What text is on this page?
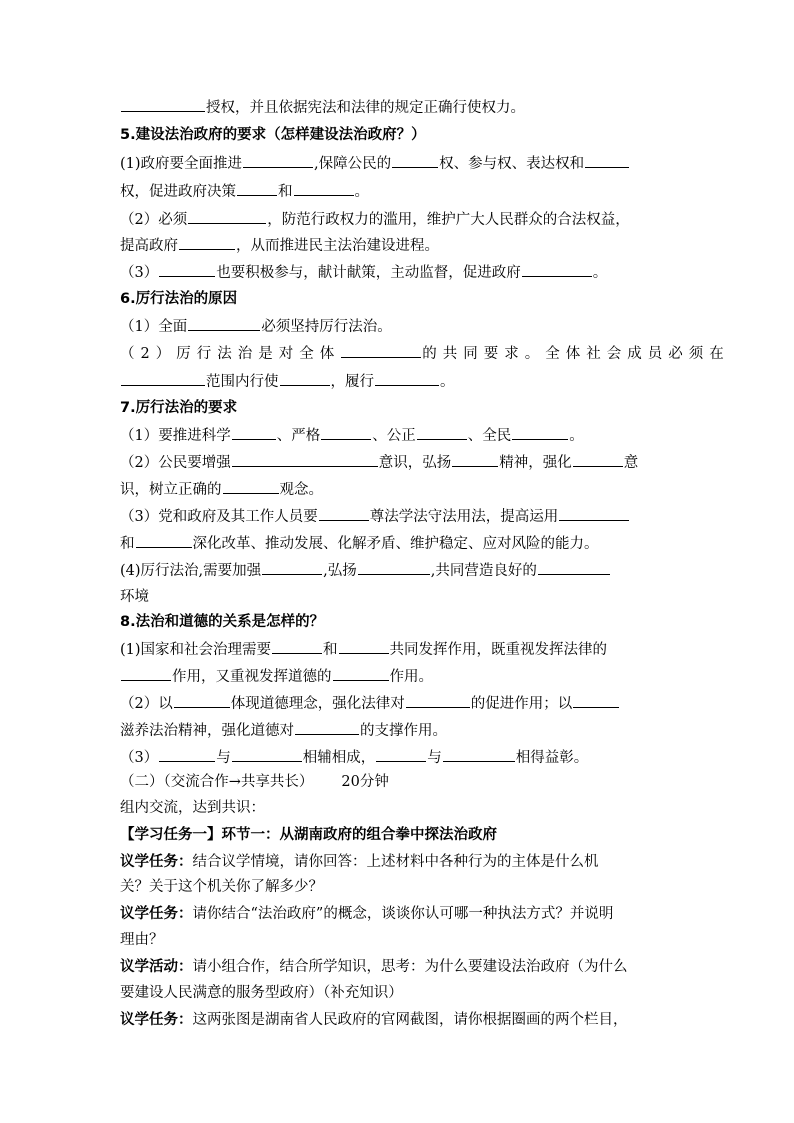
授权，并且依据宪法和法律的规定正确行使权力。
5.建设法治政府的要求（怎样建设法治政府？）
(1)政府要全面推进	,保障公民的	权、参与权、表达权和
权，促进政府决策	和	。
（2）必须	，防范行政权力的滥用，维护广大人民群众的合法权益，
提高政府	，从而推进民主法治建设进程。
（3）	也要积极参与，献计献策，主动监督，促进政府	。
6.厉行法治的原因
（1）全面	必须坚持厉行法治。
（2）厉行法治是对全体	的共同要求。全体社会成员必须在
范围内行使	，履行	。
7.厉行法治的要求
（1）要推进科学	、严格	、公正	、全民	。
（2）公民要增强	意识，弘扬	精神，强化	意
识，树立正确的	观念。
（3）党和政府及其工作人员要	尊法学法守法用法，提高运用
和	深化改革、推动发展、化解矛盾、维护稳定、应对风险的能力。
(4)厉行法治,需要加强	,弘扬	,共同营造良好的
环境
8.法治和道德的关系是怎样的？
(1)国家和社会治理需要	和	共同发挥作用，既重视发挥法律的
作用，又重视发挥道德的	作用。
（2）以	体现道德理念，强化法律对	的促进作用；以
滋养法治精神，强化道德对	的支撑作用。
（3）	与	相辅相成，	与	相得益彰。
（二）（交流合作→共享共长） 20分钟
组内交流，达到共识：
【学习任务一】环节一：从湖南政府的组合拳中探法治政府
议学任务：结合议学情境，请你回答：上述材料中各种行为的主体是什么机
关？关于这个机关你了解多少？
议学任务：请你结合“法治政府”的概念，谈谈你认可哪一种执法方式？并说明
理由？
议学活动：请小组合作，结合所学知识，思考：为什么要建设法治政府（为什么
要建设人民满意的服务型政府）（补充知识）
议学任务：这两张图是湖南省人民政府的官网截图，请你根据圈画的两个栏目，
